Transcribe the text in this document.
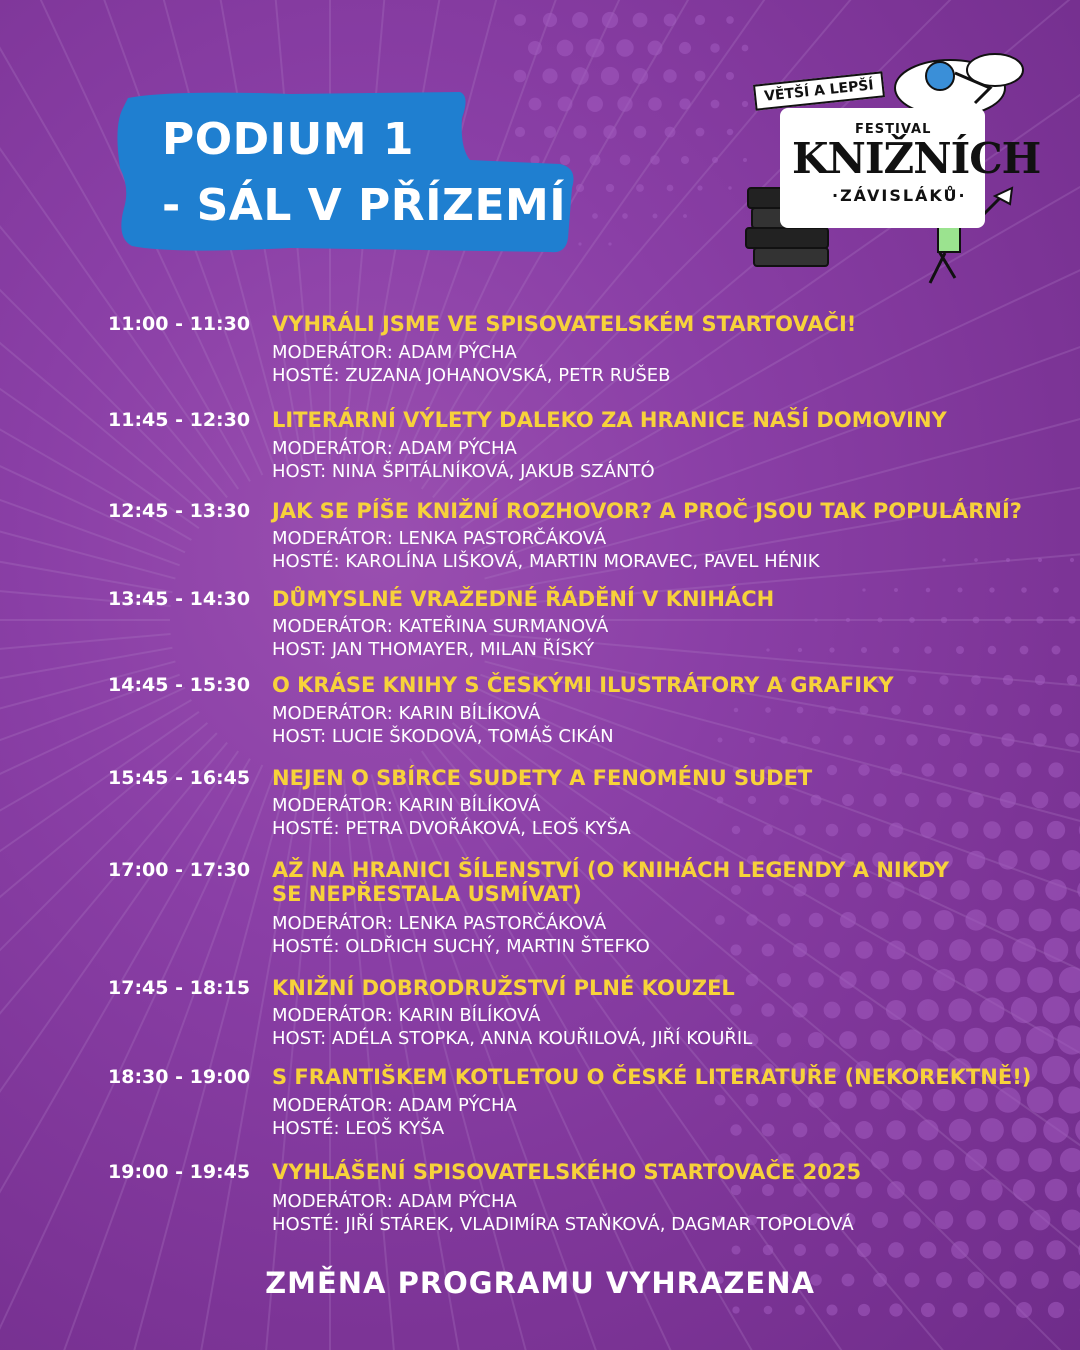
PODIUM 1
- SÁL V PŘÍZEMÍ
VĚTŠÍ A LEPŠÍ
FESTIVAL
KNIŽNÍCH
·ZÁVISLÁKŮ·
11:00 - 11:30	VYHRÁLI JSME VE SPISOVATELSKÉM STARTOVAČI!
MODERÁTOR: ADAM PÝCHA
HOSTÉ: ZUZANA JOHANOVSKÁ, PETR RUŠEB
11:45 - 12:30	LITERÁRNÍ VÝLETY DALEKO ZA HRANICE NAŠÍ DOMOVINY
MODERÁTOR: ADAM PÝCHA
HOST: NINA ŠPITÁLNÍKOVÁ, JAKUB SZÁNTÓ
12:45 - 13:30	JAK SE PÍŠE KNIŽNÍ ROZHOVOR? A PROČ JSOU TAK POPULÁRNÍ?
MODERÁTOR: LENKA PASTORČÁKOVÁ
HOSTÉ: KAROLÍNA LIŠKOVÁ, MARTIN MORAVEC, PAVEL HÉNIK
13:45 - 14:30	DŮMYSLNÉ VRAŽEDNÉ ŘÁDĚNÍ V KNIHÁCH
MODERÁTOR: KATEŘINA SURMANOVÁ
HOST: JAN THOMAYER, MILAN ŘÍSKÝ
14:45 - 15:30	O KRÁSE KNIHY S ČESKÝMI ILUSTRÁTORY A GRAFIKY
MODERÁTOR: KARIN BÍLÍKOVÁ
HOST: LUCIE ŠKODOVÁ, TOMÁŠ CIKÁN
15:45 - 16:45	NEJEN O SBÍRCE SUDETY A FENOMÉNU SUDET
MODERÁTOR: KARIN BÍLÍKOVÁ
HOSTÉ: PETRA DVOŘÁKOVÁ, LEOŠ KYŠA
17:00 - 17:30	AŽ NA HRANICI ŠÍLENSTVÍ (O KNIHÁCH LEGENDY A NIKDY SE NEPŘESTALA USMÍVAT)
MODERÁTOR: LENKA PASTORČÁKOVÁ
HOSTÉ: OLDŘICH SUCHÝ, MARTIN ŠTEFKO
17:45 - 18:15	KNIŽNÍ DOBRODRUŽSTVÍ PLNÉ KOUZEL
MODERÁTOR: KARIN BÍLÍKOVÁ
HOST: ADÉLA STOPKA, ANNA KOUŘILOVÁ, JIŘÍ KOUŘIL
18:30 - 19:00	S FRANTIŠKEM KOTLETOU O ČESKÉ LITERATUŘE (NEKOREKTNĚ!)
MODERÁTOR: ADAM PÝCHA
HOSTÉ: LEOŠ KYŠA
19:00 - 19:45	VYHLÁŠENÍ SPISOVATELSKÉHO STARTOVAČE 2025
MODERÁTOR: ADAM PÝCHA
HOSTÉ: JIŘÍ STÁREK, VLADIMÍRA STAŇKOVÁ, DAGMAR TOPOLOVÁ
ZMĚNA PROGRAMU VYHRAZENA
